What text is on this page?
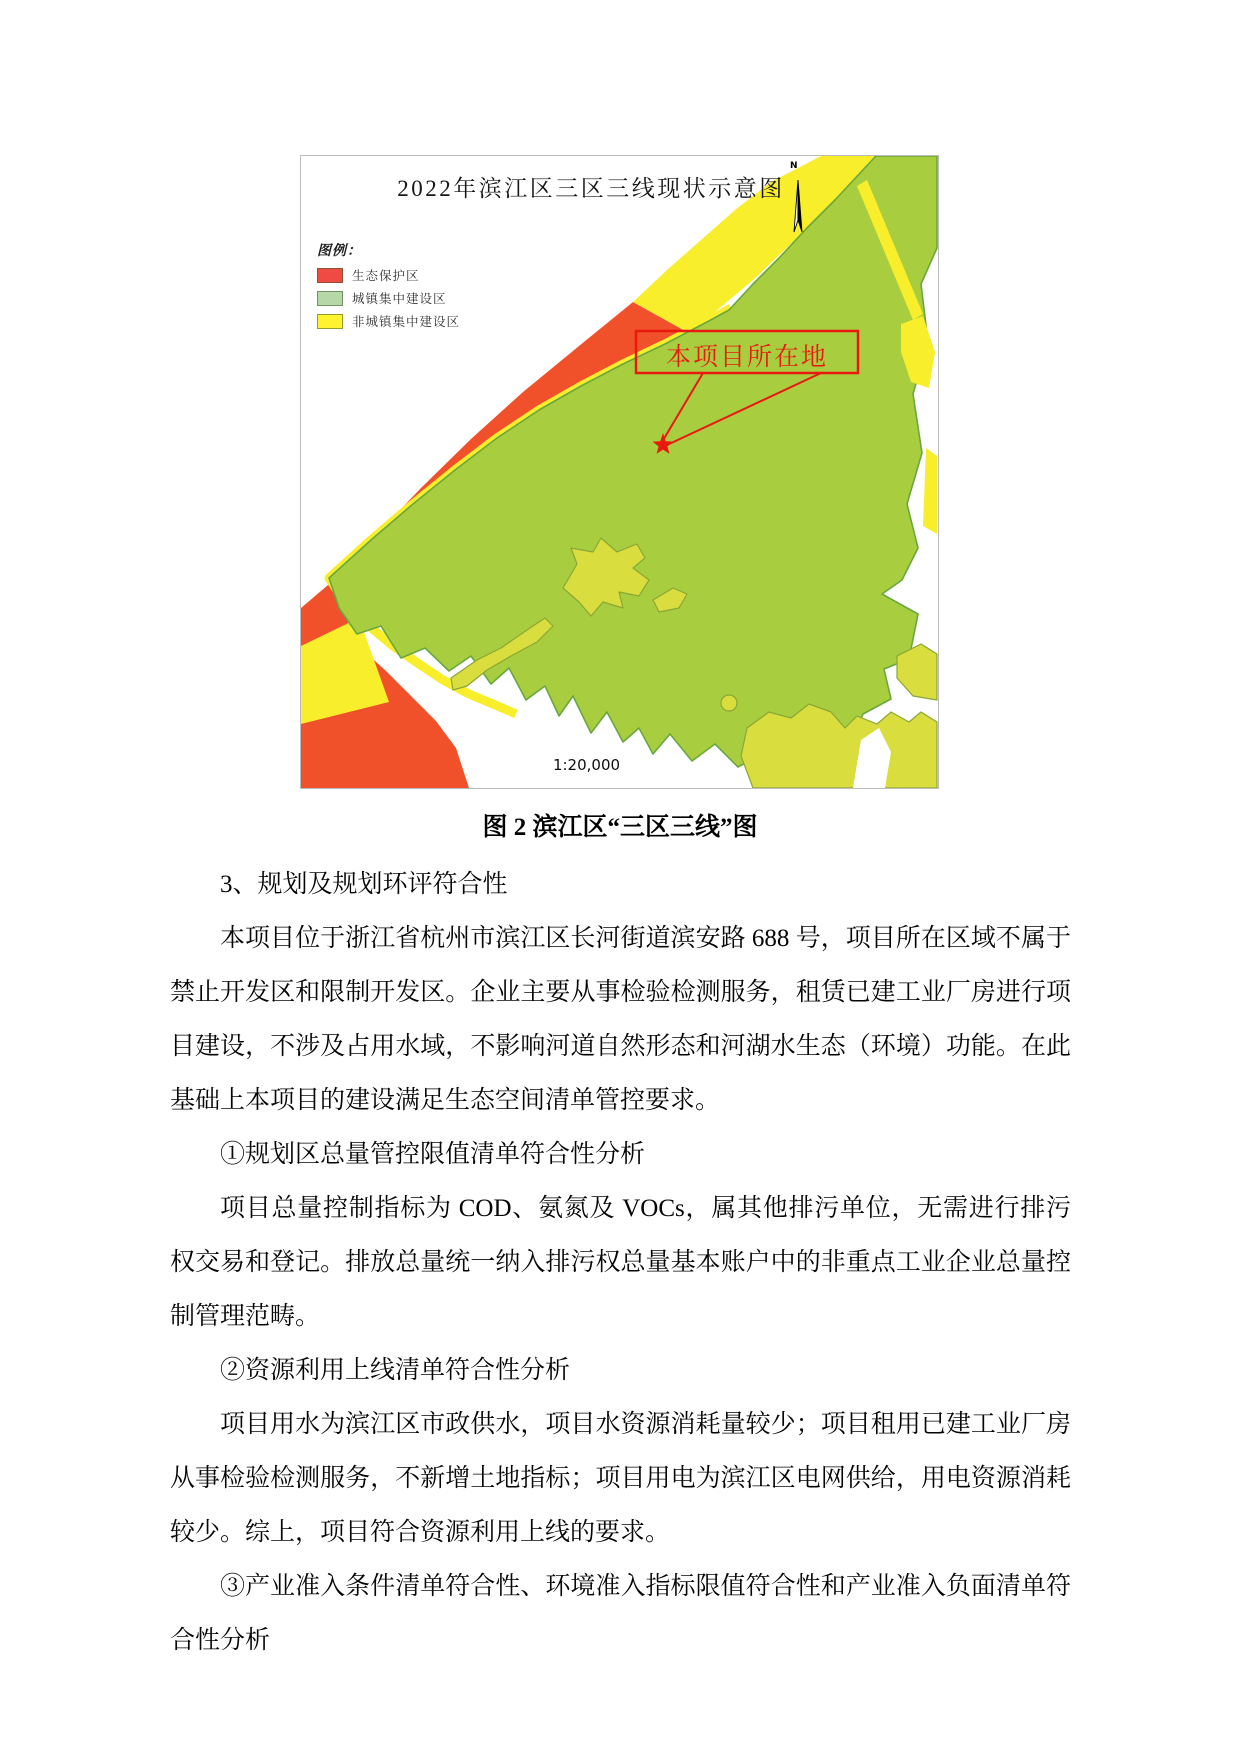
2022年滨江区三区三线现状示意图
N
图例：
生态保护区
城镇集中建设区
非城镇集中建设区
本项目所在地
1:20,000
图 2 滨江区“三区三线”图

3、规划及规划环评符合性

本项目位于浙江省杭州市滨江区长河街道滨安路 688 号，项目所在区域不属于禁止开发区和限制开发区。企业主要从事检验检测服务，租赁已建工业厂房进行项目建设，不涉及占用水域，不影响河道自然形态和河湖水生态（环境）功能。在此基础上本项目的建设满足生态空间清单管控要求。

①规划区总量管控限值清单符合性分析

项目总量控制指标为 COD、氨氮及 VOCs，属其他排污单位，无需进行排污权交易和登记。排放总量统一纳入排污权总量基本账户中的非重点工业企业总量控制管理范畴。

②资源利用上线清单符合性分析

项目用水为滨江区市政供水，项目水资源消耗量较少；项目租用已建工业厂房从事检验检测服务，不新增土地指标；项目用电为滨江区电网供给，用电资源消耗较少。综上，项目符合资源利用上线的要求。

③产业准入条件清单符合性、环境准入指标限值符合性和产业准入负面清单符合性分析
